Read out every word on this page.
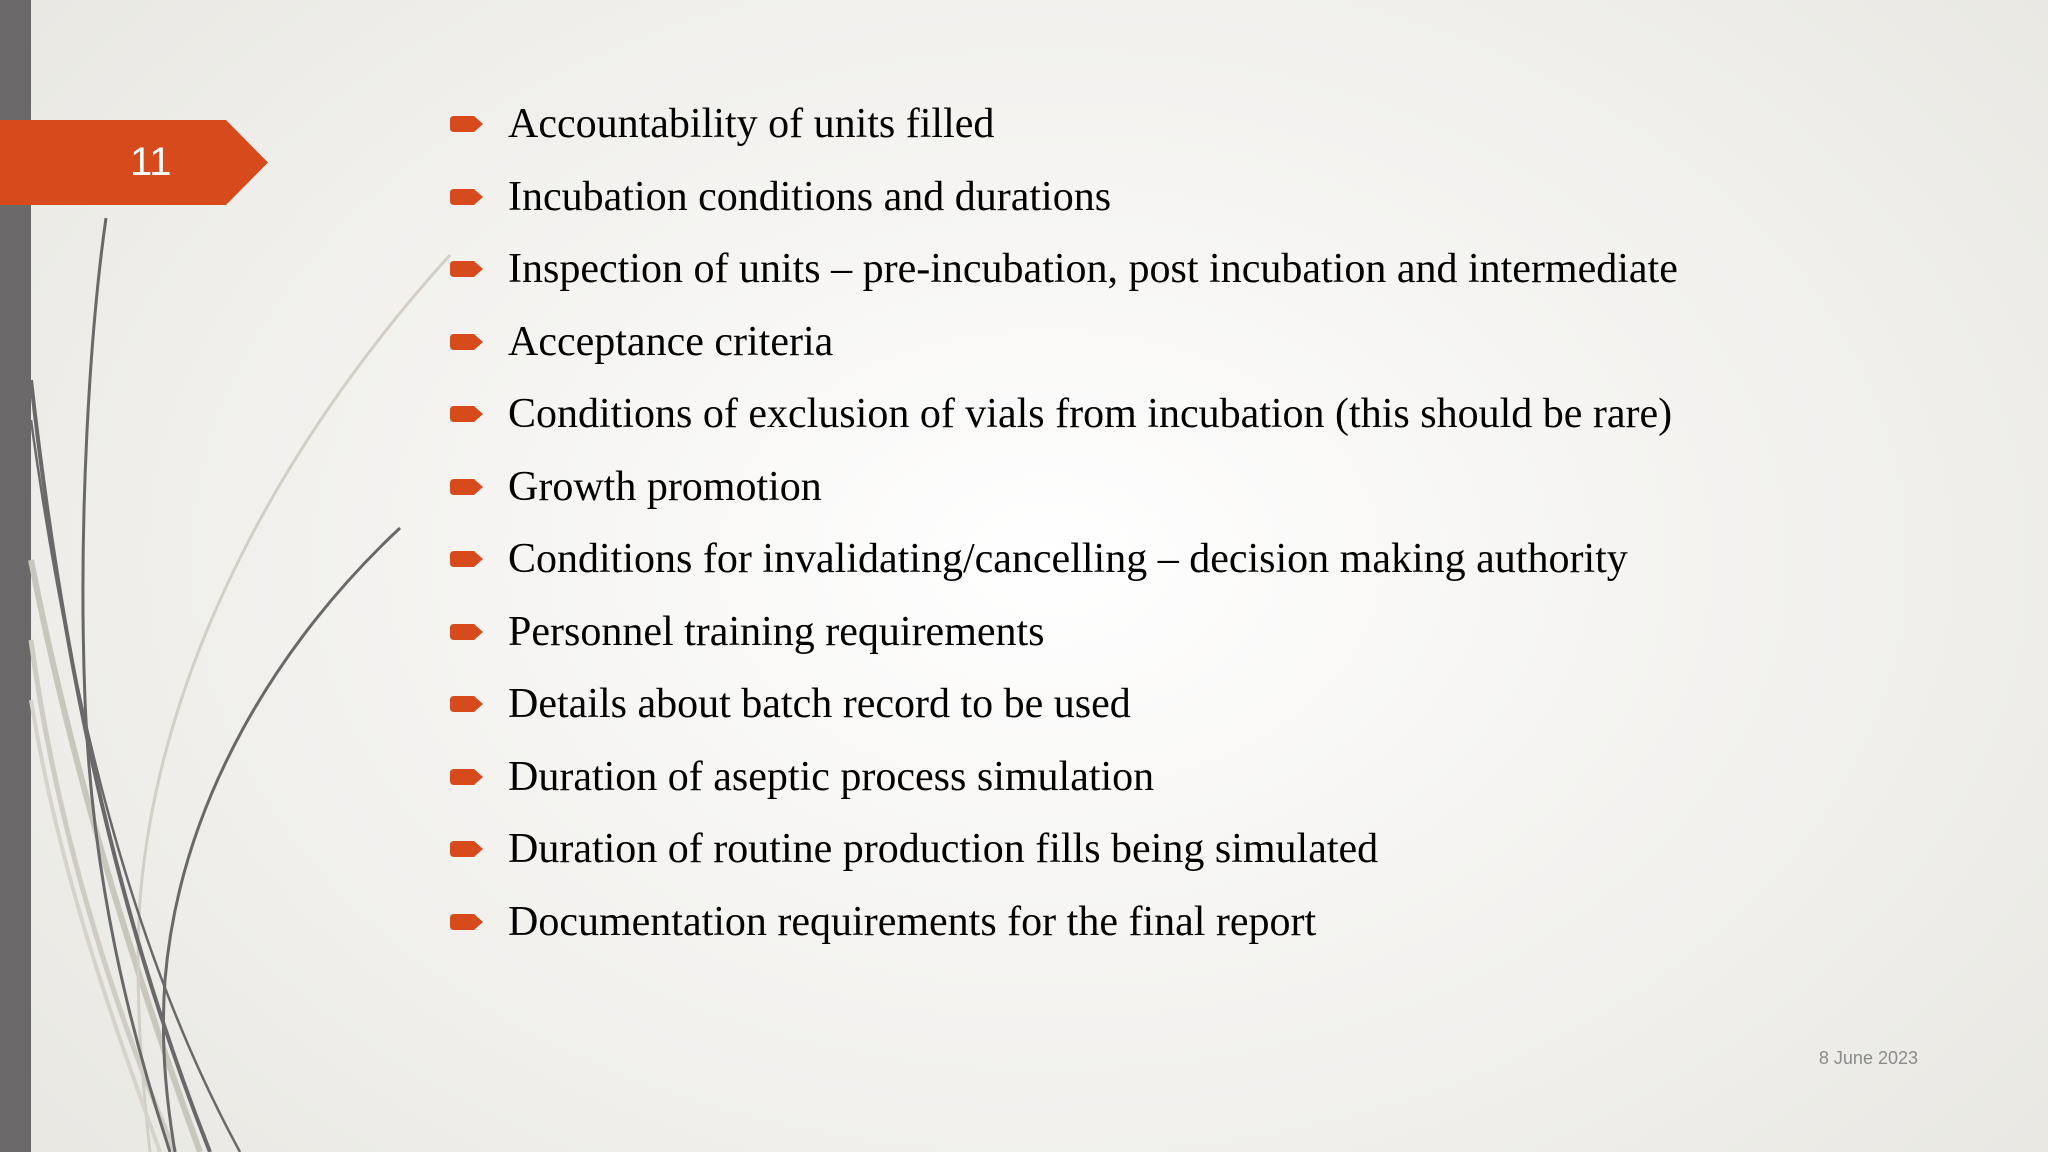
11
Accountability of units filled
Incubation conditions and durations
Inspection of units – pre-incubation, post incubation and intermediate
Acceptance criteria
Conditions of exclusion of vials from incubation (this should be rare)
Growth promotion
Conditions for invalidating/cancelling – decision making authority
Personnel training requirements
Details about batch record to be used
Duration of aseptic process simulation
Duration of routine production fills being simulated
Documentation requirements for the final report
8 June 2023
